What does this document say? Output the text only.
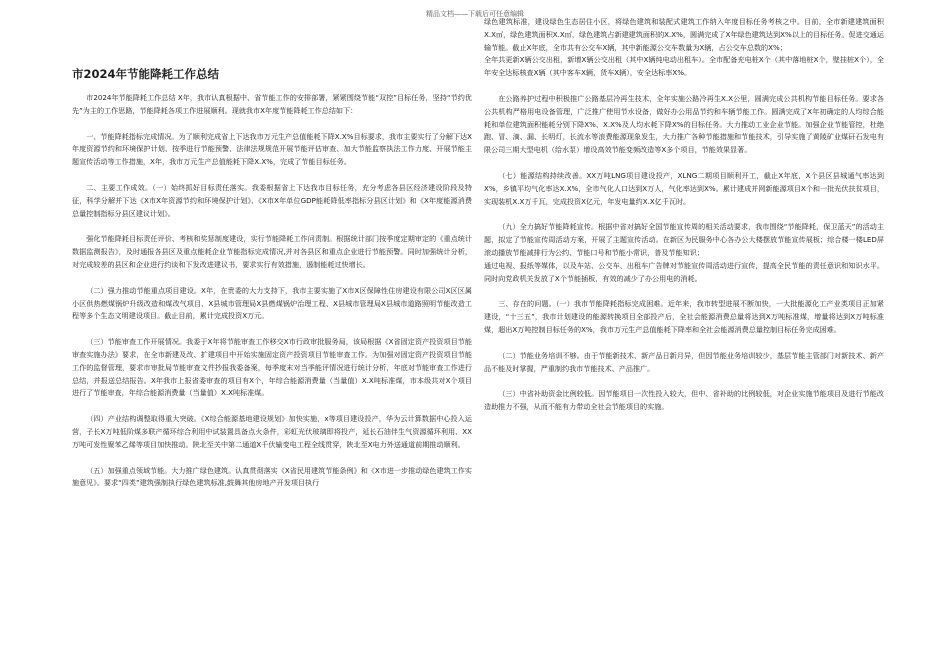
精品文档——下载后可任意编辑
市2024年节能降耗工作总结

市2024年节能降耗工作总结 X年，我市认真根据中、省节能工作的安排部署，紧紧围绕节能“双控”目标任务，坚持“节约优先”为主的工作思路，节能降耗各项工作进展顺利。现就我市X年度节能降耗工作总结如下：

一、节能降耗指标完成情况。为了顺利完成省上下达我市万元生产总值能耗下降X.X%目标要求，我市主要实行了分解下达X年度资源节约和环境保护计划、按季进行节能预警、法律法规规范开展节能评估审查、加大节能监察执法工作力度、开展节能主题宣传活动等工作措施，X年，我市万元生产总值能耗下降X.X%，完成了节能目标任务。

二、主要工作成效。（一）始终抓好目标责任落实。我委根据省上下达我市目标任务，充分考虑各县区经济建设阶段及特征，科学分解并下达《X市X年资源节约和环境保护计划》、《X市X年单位GDP能耗降低率指标分县区计划》和《X年度能源消费总量控制指标分县区建议计划》。

强化节能降耗目标责任评价、考核和奖惩制度建设，实行节能降耗工作问责制。根据统计部门按季度定期审定的《重点统计数据监测报告》，及时通报各县区及重点能耗企业节能指标完成情况,并对各县区和重点企业进行节能预警。同时加强统计分析，对完成较差的县区和企业进行约谈和下发改进建议书，要求实行有效措施，遏制能耗过快增长。

（二）强力推动节能重点项目建设。X年，在贵委的大力支持下，我市主要实施了X市X区保障性住房建设有限公司X区区属小区供热燃煤锅炉升级改造和煤改气项目、X县城市管理局X县燃煤锅炉治理工程、X县城市管理局X县城市道路照明节能改造工程等多个生态文明建设项目。截止目前，累计完成投资X万元。

（三）节能审查工作开展情况。我委于X年将节能审查工作移交X市行政审批服务局，该局根据《X省固定资产投资项目节能审查实施办法》要求，在全市新建及改、扩建项目中开始实施固定资产投资项目节能审查工作。为加强对固定资产投资项目节能工作的监督管理，要求市审批局节能审查文件抄报我委备案，每季度末对当季能评情况进行统计分析，年底对节能审查工作进行总结，并报送总结报告。X年我市上报省委审查的项目有X个，年综合能源消费量（当量值）X.X吨标准煤，市本级共对X个项目进行了节能审查，年综合能源消费量（当量值）X.X吨标准煤。

（四）产业结构调整取得重大突破。《X综合能源基地建设规划》加快实施，x等项目建设投产，华为云计算数据中心投入运营，子长X万吨低阶煤多联产循环综合利用中试装置具备点火条件，彩虹光伏玻璃即将投产，延长石油伴生气资源循环利用、XX万吨可发性聚苯乙烯等项目加快推动。陕北至关中第二通道X千伏输变电工程全线贯穿，陕北至X电力外送通道前期推动顺利。

（五）加强重点领域节能。大力推广绿色建筑。认真贯彻落实《X省民用建筑节能条例》和《X市进一步推动绿色建筑工作实施意见》。要求“四类”建筑强制执行绿色建筑标准,鼓舞其他房地产开发项目执行

绿色建筑标准，建设绿色生态居住小区，将绿色建筑和装配式建筑工作纳入年度目标任务考核之中。目前，全市新建建筑面积X.X㎡，绿色建筑面积X.X㎡，绿色建筑占新建建筑面积的X.X%，圆满完成了X年绿色建筑达到X%以上的目标任务。促进交通运输节能。截止X年底，全市共有公交车X辆，其中新能源公交车数量为X辆，占公交车总数的X%；

全年共更新X辆公交出租，新增X辆公交出租（其中X辆纯电动出租车）。全市配备充电桩X个（其中落地桩X个，壁挂桩X个），全年安全达标核查X辆（其中客车X辆，货车X辆），安全达标率X%。

在公路养护过程中积极推广公路基层冷再生技术，全年实施公路冷再生X.X公里，圆满完成公共机构节能目标任务。要求各公共机构严格用电设备管理，广泛推广使用节水设备，做好办公用品节约和车辆节能工作。圆满完成了X年初确定的人均综合能耗和单位建筑面积能耗分别下降X%、X.X%及人均水耗下降X%的目标任务。大力推动工业企业节能。加强企业节能管控，杜绝跑、冒、滴、漏、长明灯，长流水等浪费能源现象发生，大力推广各种节能措施和节能技术，引导实施了黄陵矿业煤矸石发电有限公司三期大型电机（给水泵）增设高效节能变频改造等X多个项目，节能效果显著。

（七）能源结构持续改善。XX万吨LNG项目建设投产，XLNG二期项目顺利开工，截止X年底，X个县区县城通气率达到X%，乡镇平均气化率达X.X%，全市气化人口达到X万人，气化率达到X%。累计建成并网新能源项目X个和一批光伏扶贫项目，实现装机X.X万千瓦，完成投资X亿元，年发电量约X.X亿千瓦时。

（九）全力搞好节能降耗宣传。根据中省对搞好全国节能宣传周的相关活动要求，我市围绕“节能降耗，保卫蓝天”的活动主题，拟定了节能宣传周活动方案，开展了主题宣传活动。在新区为民服务中心各办公大楼摆放节能宣传展板；综合楼一楼LED屏滚动播放节能减排行为公约、节能口号和节能小常识，普及节能知识；

通过电视、报纸等媒体，以及车站、公交车、出租车广告牌对节能宣传周活动进行宣传，提高全民节能的责任意识和知识水平。同时向党政机关发放了X个节能插板，有效的减少了办公用电的消耗。

三、存在的问题。（一）我市节能降耗指标完成困难。近年来，我市转型进展不断加快，一大批能源化工产业类项目正加紧建设，“十三五”，我市计划建设的能源转换项目全部投产后，全社会能源消费总量将达到X万吨标准煤，增量将达到X万吨标准煤，超出X万吨控制目标任务的X%，我市万元生产总值能耗下降率和全社会能源消费总量控制目标任务完成困难。

（二）节能业务培训不够。由于节能新技术、新产品日新月异，但因节能业务培训较少，基层节能主管部门对新技术、新产品不能及时掌握，严重制约我市节能技术、产品推广。

（三）中省补助资金比例较低。因节能项目一次性投入较大，但中、省补助的比例较低，对企业实施节能项目及进行节能改造助推力不强，从而不能有力带动全社会节能项目的实施。
